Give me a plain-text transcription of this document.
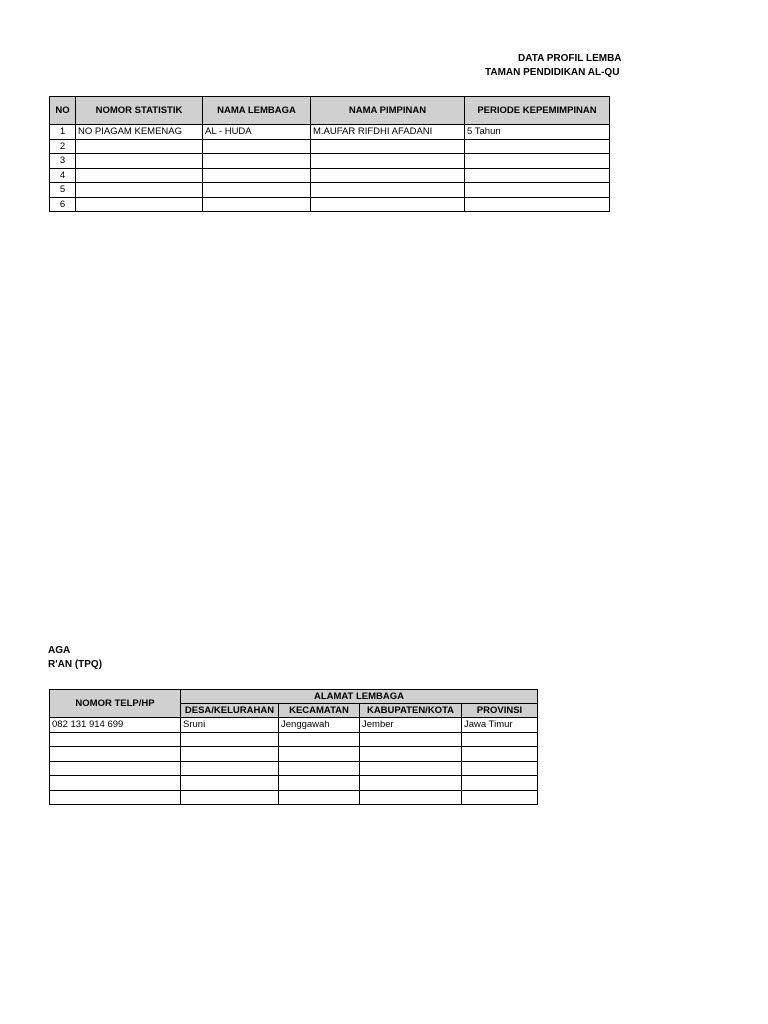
DATA PROFIL LEMBA
TAMAN PENDIDIKAN AL-QU
NO	NOMOR STATISTIK	NAMA LEMBAGA	NAMA PIMPINAN	PERIODE KEPEMIMPINAN
1	NO PIAGAM KEMENAG	AL - HUDA	M.AUFAR RIFDHI AFADANI	5 Tahun
2				
3				
4				
5				
6				
AGA
R'AN (TPQ)
NOMOR TELP/HP	ALAMAT LEMBAGA			
	DESA/KELURAHAN	KECAMATAN	KABUPATEN/KOTA	PROVINSI
082 131 914 699	Sruni	Jenggawah	Jember	Jawa Timur
